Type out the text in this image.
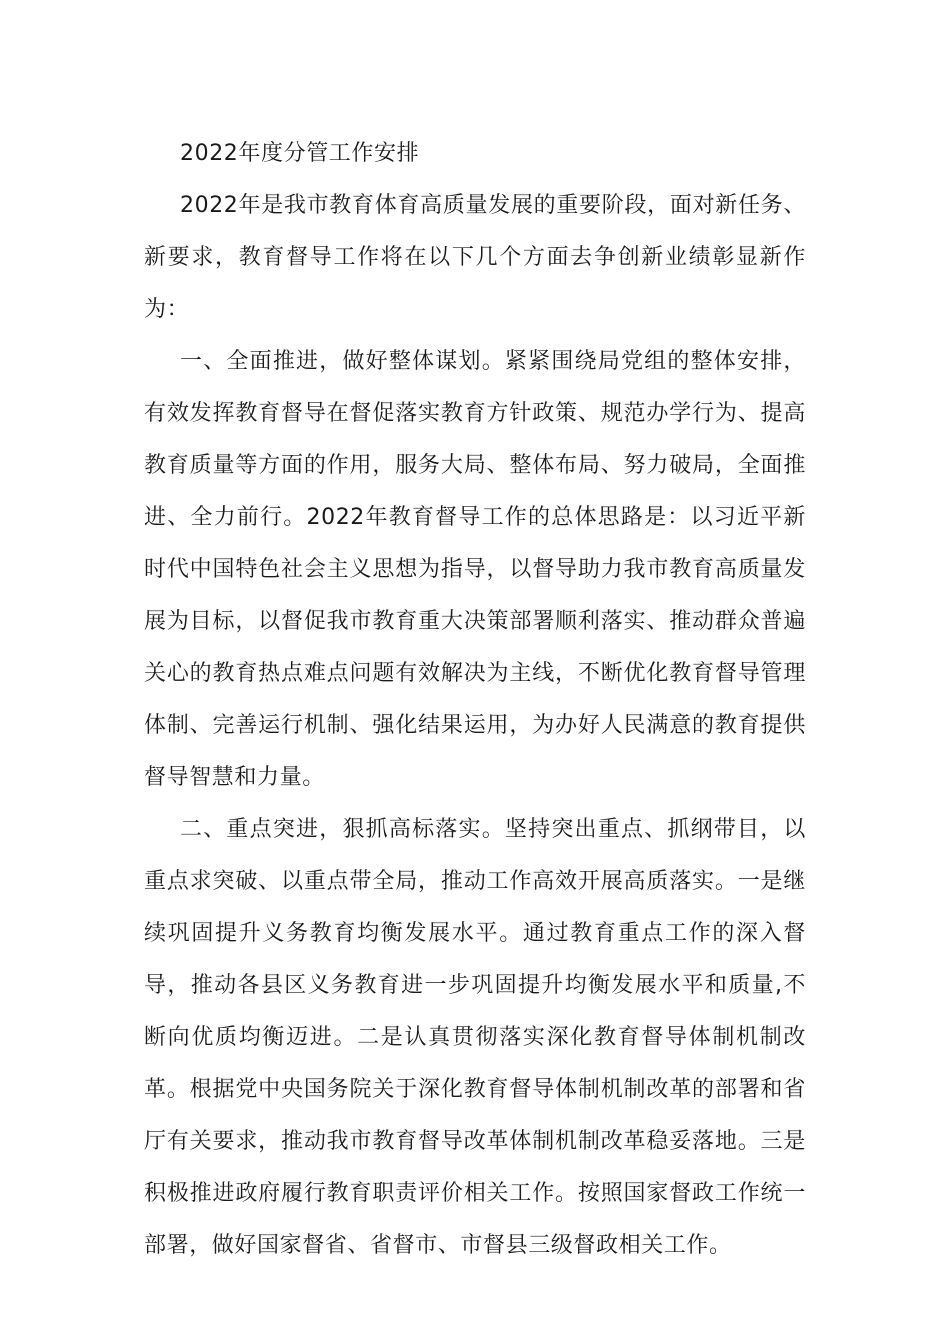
2022年度分管工作安排

2022年是我市教育体育高质量发展的重要阶段，面对新任务、新要求，教育督导工作将在以下几个方面去争创新业绩彰显新作为：

一、全面推进，做好整体谋划。紧紧围绕局党组的整体安排，有效发挥教育督导在督促落实教育方针政策、规范办学行为、提高教育质量等方面的作用，服务大局、整体布局、努力破局，全面推进、全力前行。2022年教育督导工作的总体思路是：以习近平新时代中国特色社会主义思想为指导，以督导助力我市教育高质量发展为目标，以督促我市教育重大决策部署顺利落实、推动群众普遍关心的教育热点难点问题有效解决为主线，不断优化教育督导管理体制、完善运行机制、强化结果运用，为办好人民满意的教育提供督导智慧和力量。

二、重点突进，狠抓高标落实。坚持突出重点、抓纲带目，以重点求突破、以重点带全局，推动工作高效开展高质落实。一是继续巩固提升义务教育均衡发展水平。通过教育重点工作的深入督导，推动各县区义务教育进一步巩固提升均衡发展水平和质量,不断向优质均衡迈进。二是认真贯彻落实深化教育督导体制机制改革。根据党中央国务院关于深化教育督导体制机制改革的部署和省厅有关要求，推动我市教育督导改革体制机制改革稳妥落地。三是积极推进政府履行教育职责评价相关工作。按照国家督政工作统一部署，做好国家督省、省督市、市督县三级督政相关工作。
